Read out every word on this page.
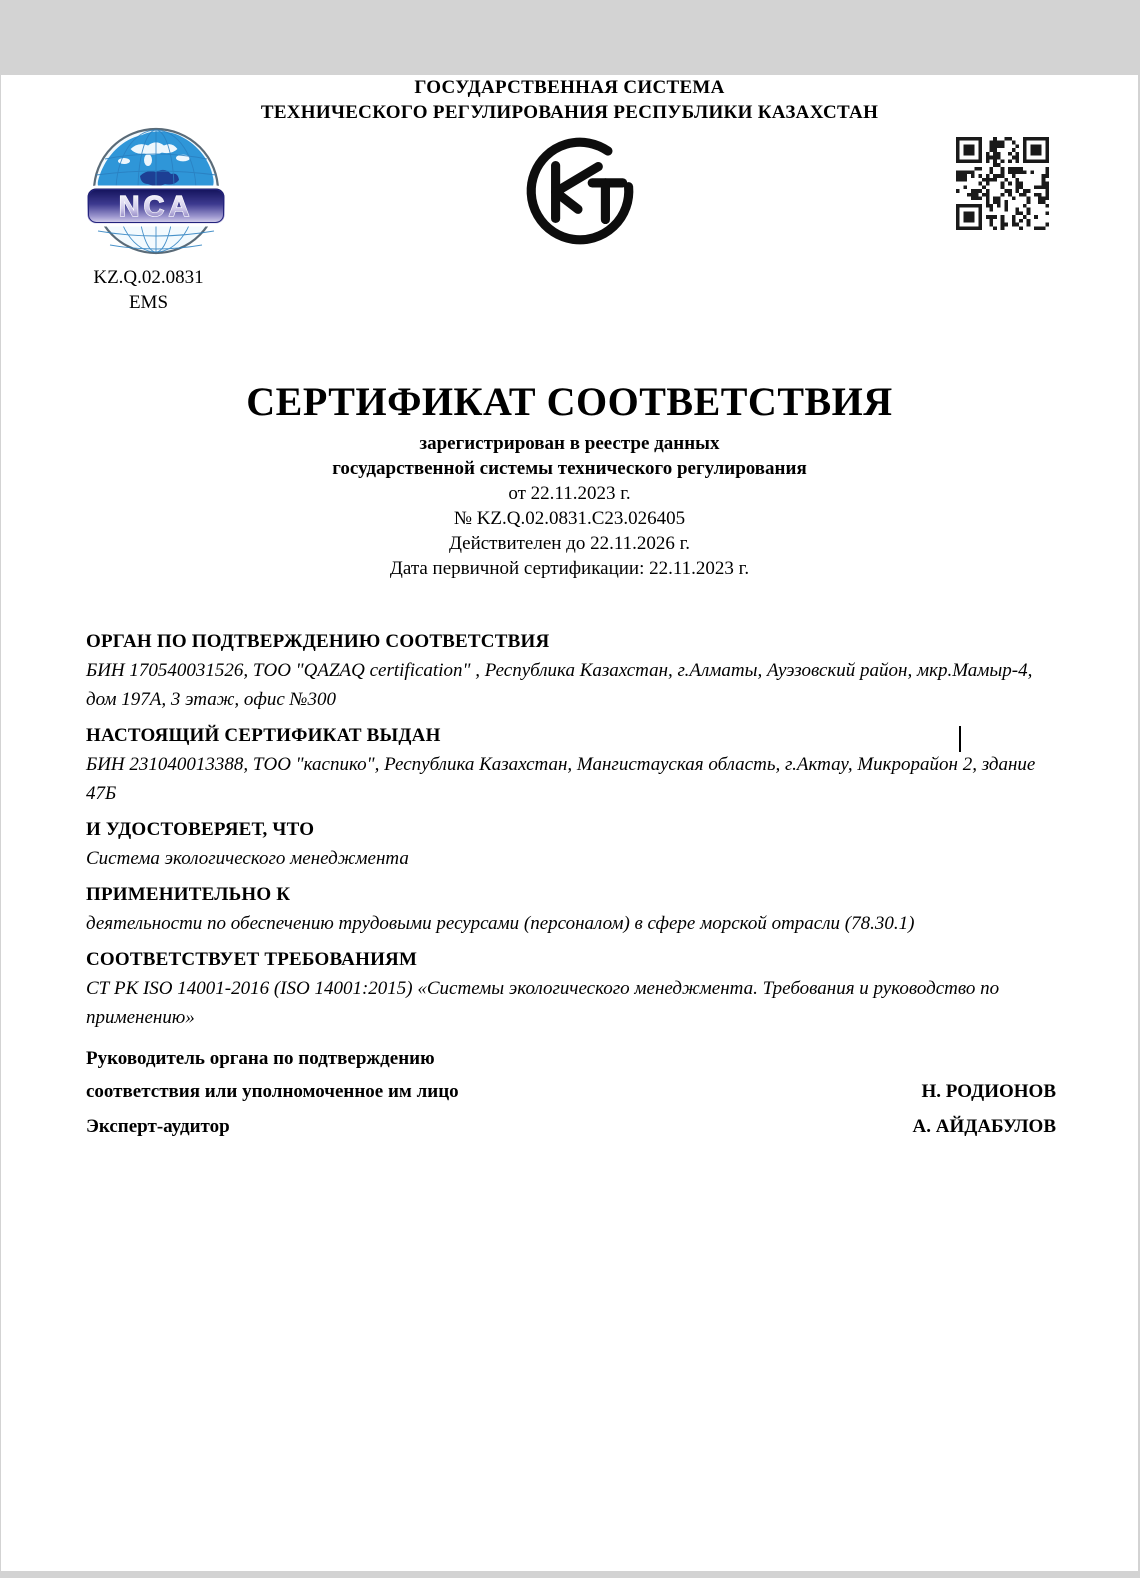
ГОСУДАРСТВЕННАЯ СИСТЕМА
ТЕХНИЧЕСКОГО РЕГУЛИРОВАНИЯ РЕСПУБЛИКИ КАЗАХСТАН
NCA
KZ.Q.02.0831
EMS
СЕРТИФИКАТ СООТВЕТСТВИЯ
зарегистрирован в реестре данных
государственной системы технического регулирования
от 22.11.2023 г.
№ KZ.Q.02.0831.C23.026405
Действителен до 22.11.2026 г.
Дата первичной сертификации: 22.11.2023 г.
ОРГАН ПО ПОДТВЕРЖДЕНИЮ СООТВЕТСТВИЯ

БИН 170540031526, ТОО "QAZAQ certification" , Республика Казахстан, г.Алматы, Ауэзовский район, мкр.Мамыр-4, дом 197А, 3 этаж, офис №300

НАСТОЯЩИЙ СЕРТИФИКАТ ВЫДАН

БИН 231040013388, ТОО "каспико", Республика Казахстан, Мангистауская область, г.Актау, Микрорайон 2, здание 47Б

И УДОСТОВЕРЯЕТ, ЧТО

Система экологического менеджмента

ПРИМЕНИТЕЛЬНО К

деятельности по обеспечению трудовыми ресурсами (персоналом) в сфере морской отрасли (78.30.1)

СООТВЕТСТВУЕТ ТРЕБОВАНИЯМ

СТ РК ISO 14001-2016 (ISO 14001:2015) «Системы экологического менеджмента. Требования и руководство по применению»

Руководитель органа по подтверждению
соответствия или уполномоченное им лицо	Н. РОДИОНОВ
Эксперт-аудитор	А. АЙДАБУЛОВ
